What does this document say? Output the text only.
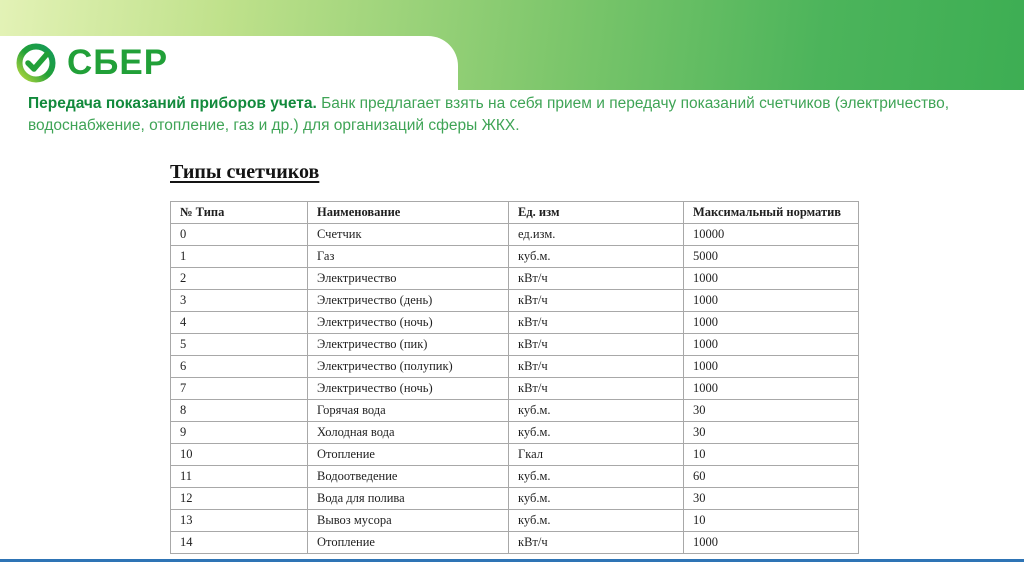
СБЕР
Передача показаний приборов учета. Банк предлагает взять на себя прием и передачу показаний счетчиков (электричество, водоснабжение, отопление, газ и др.) для организаций сферы ЖКХ.
Типы счетчиков
№ Типа	Наименование	Ед. изм	Максимальный норматив
0	Счетчик	ед.изм.	10000
1	Газ	куб.м.	5000
2	Электричество	кВт/ч	1000
3	Электричество (день)	кВт/ч	1000
4	Электричество (ночь)	кВт/ч	1000
5	Электричество (пик)	кВт/ч	1000
6	Электричество (полупик)	кВт/ч	1000
7	Электричество (ночь)	кВт/ч	1000
8	Горячая вода	куб.м.	30
9	Холодная вода	куб.м.	30
10	Отопление	Гкал	10
11	Водоотведение	куб.м.	60
12	Вода для полива	куб.м.	30
13	Вывоз мусора	куб.м.	10
14	Отопление	кВт/ч	1000
